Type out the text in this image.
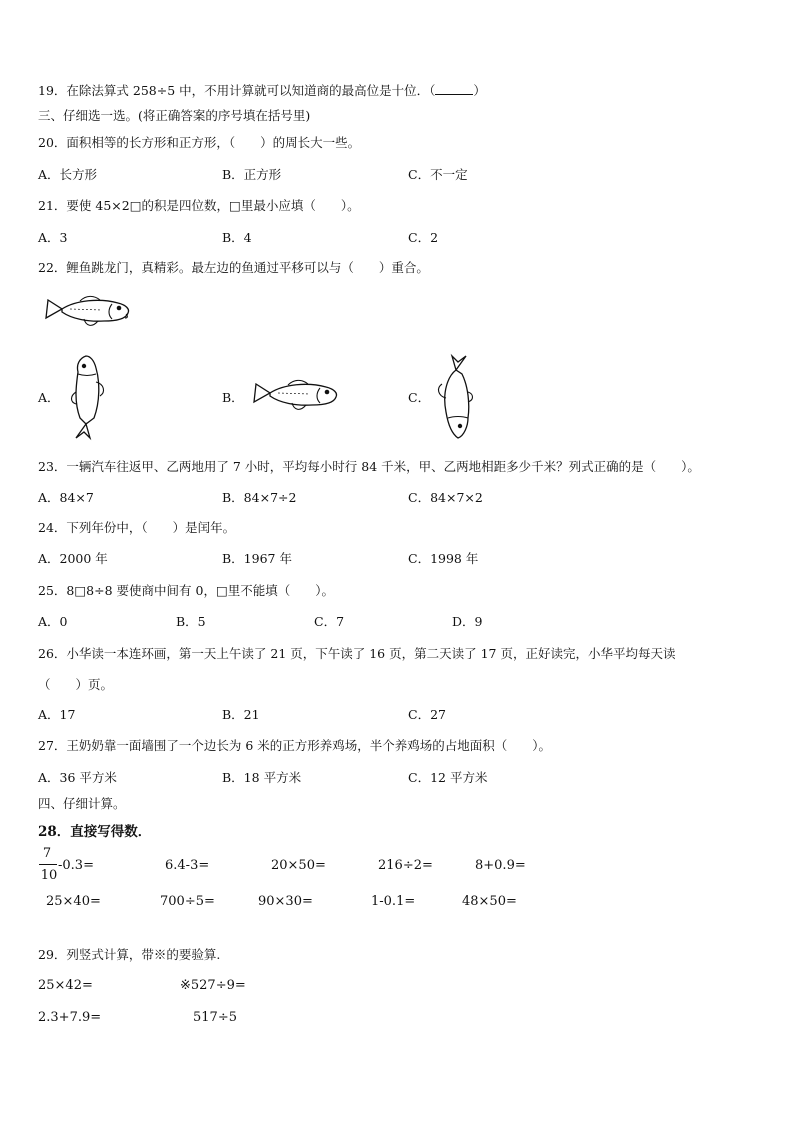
19．在除法算式 258÷5 中，不用计算就可以知道商的最高位是十位．（	）
三、仔细选一选。(将正确答案的序号填在括号里)
20．面积相等的长方形和正方形，（　　）的周长大一些。
A．长方形	B．正方形	C．不一定
21．要使 45×2□的积是四位数，□里最小应填（　　）。
A．3	B．4	C．2
22．鲤鱼跳龙门，真精彩。最左边的鱼通过平移可以与（　　）重合。
A．	B．	C．
23．一辆汽车往返甲、乙两地用了 7 小时，平均每小时行 84 千米，甲、乙两地相距多少千米？列式正确的是（　　）。
A．84×7	B．84×7÷2	C．84×7×2
24．下列年份中，（　　）是闰年。
A．2000 年	B．1967 年	C．1998 年
25．8□8÷8 要使商中间有 0，□里不能填（　　）。
A．0	B．5	C．7	D．9
26．小华读一本连环画，第一天上午读了 21 页，下午读了 16 页，第二天读了 17 页，正好读完，小华平均每天读
（　　）页。
A．17	B．21	C．27
27．王奶奶靠一面墙围了一个边长为 6 米的正方形养鸡场，半个养鸡场的占地面积（　　）。
A．36 平方米	B．18 平方米	C．12 平方米
四、仔细计算。
28．直接写得数．
7
10
-0.3=	6.4-3=	20×50=	216÷2=	8+0.9=
25×40=	700÷5=	90×30=	1-0.1=	48×50=
29．列竖式计算，带※的要验算.
25×42=	※527÷9=
2.3+7.9=	517÷5
